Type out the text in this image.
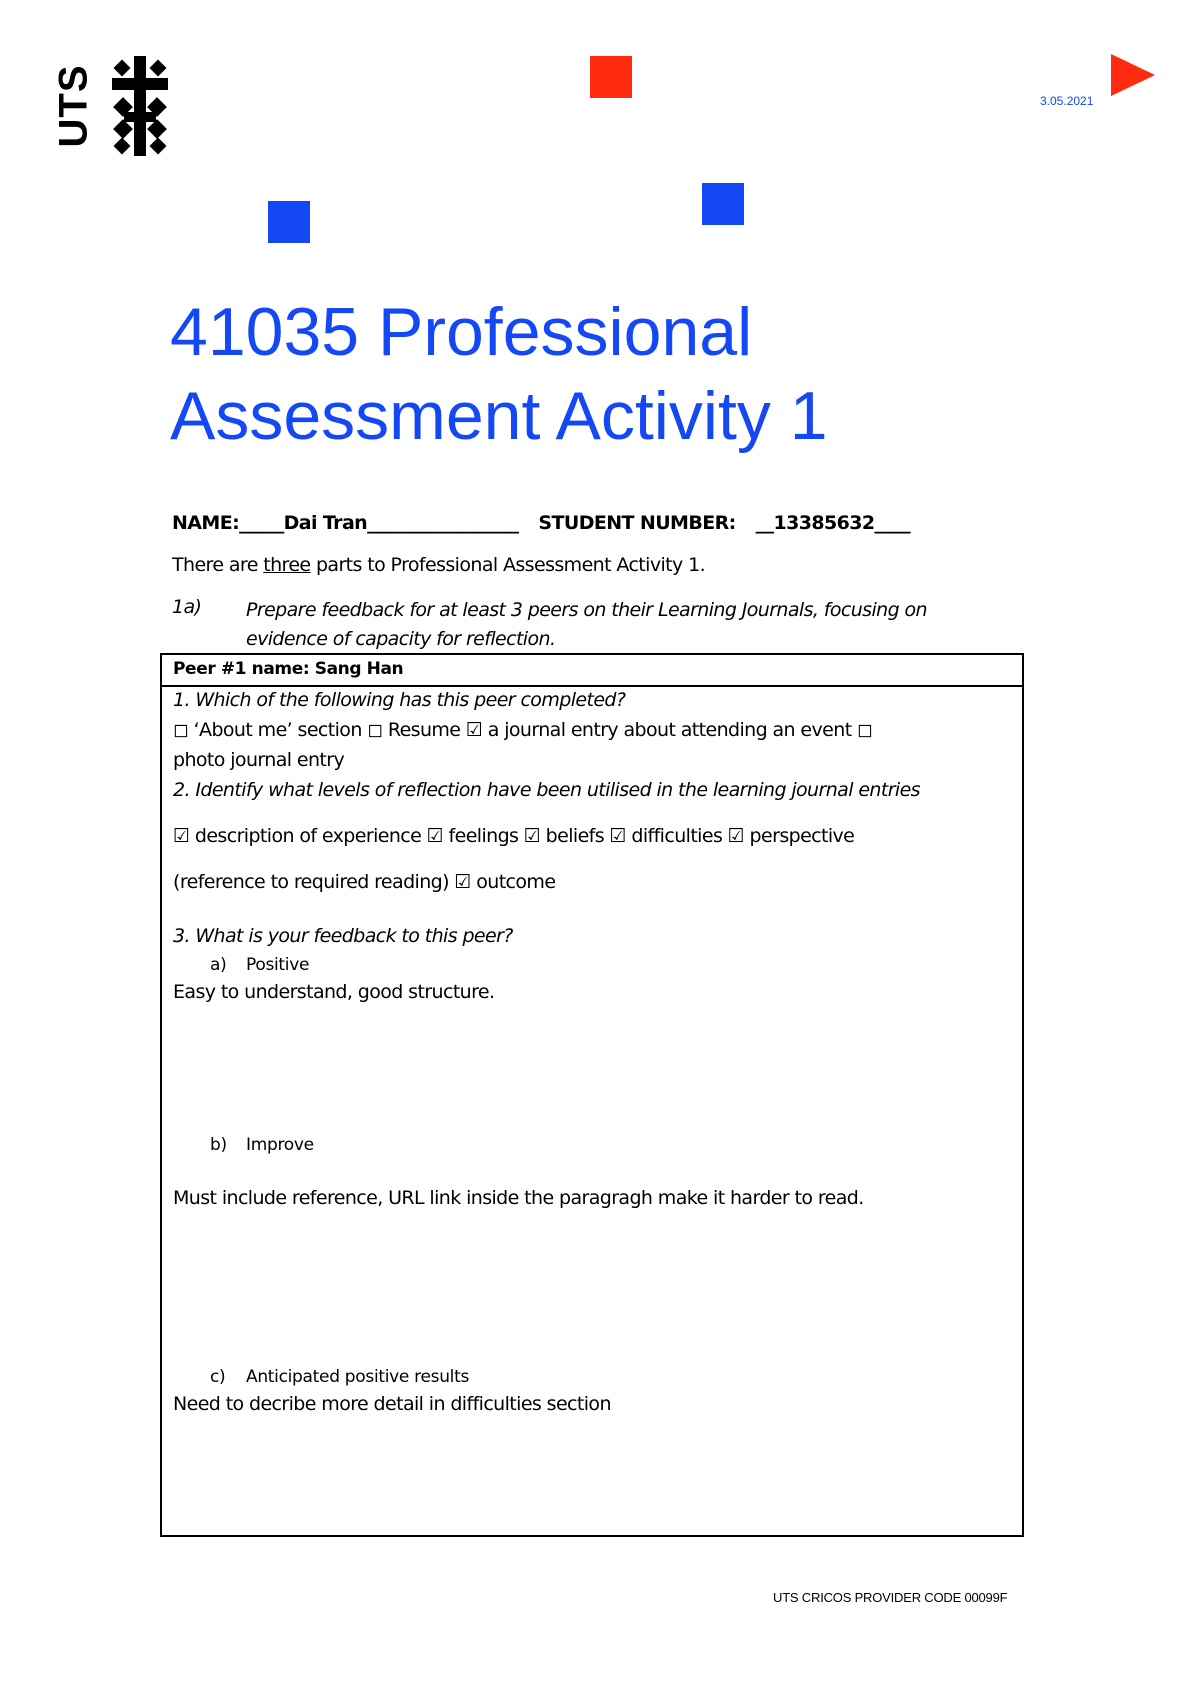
UTS	3.05.2021
41035 Professional
Assessment Activity 1
NAME:_____Dai Tran_________________ STUDENT NUMBER: __13385632____
There are three parts to Professional Assessment Activity 1.
1a) Prepare feedback for at least 3 peers on their Learning Journals, focusing on evidence of capacity for reflection.
Peer #1 name: Sang Han
1. Which of the following has this peer completed?
◻ ‘About me’ section ◻ Resume ☑ a journal entry about attending an event ◻
photo journal entry
2. Identify what levels of reflection have been utilised in the learning journal entries
☑ description of experience ☑ feelings ☑ beliefs ☑ difficulties ☑ perspective
(reference to required reading) ☑ outcome
3. What is your feedback to this peer?
a) Positive
Easy to understand, good structure.
b) Improve
Must include reference, URL link inside the paragragh make it harder to read.
c) Anticipated positive results
Need to decribe more detail in difficulties section
UTS CRICOS PROVIDER CODE 00099F
